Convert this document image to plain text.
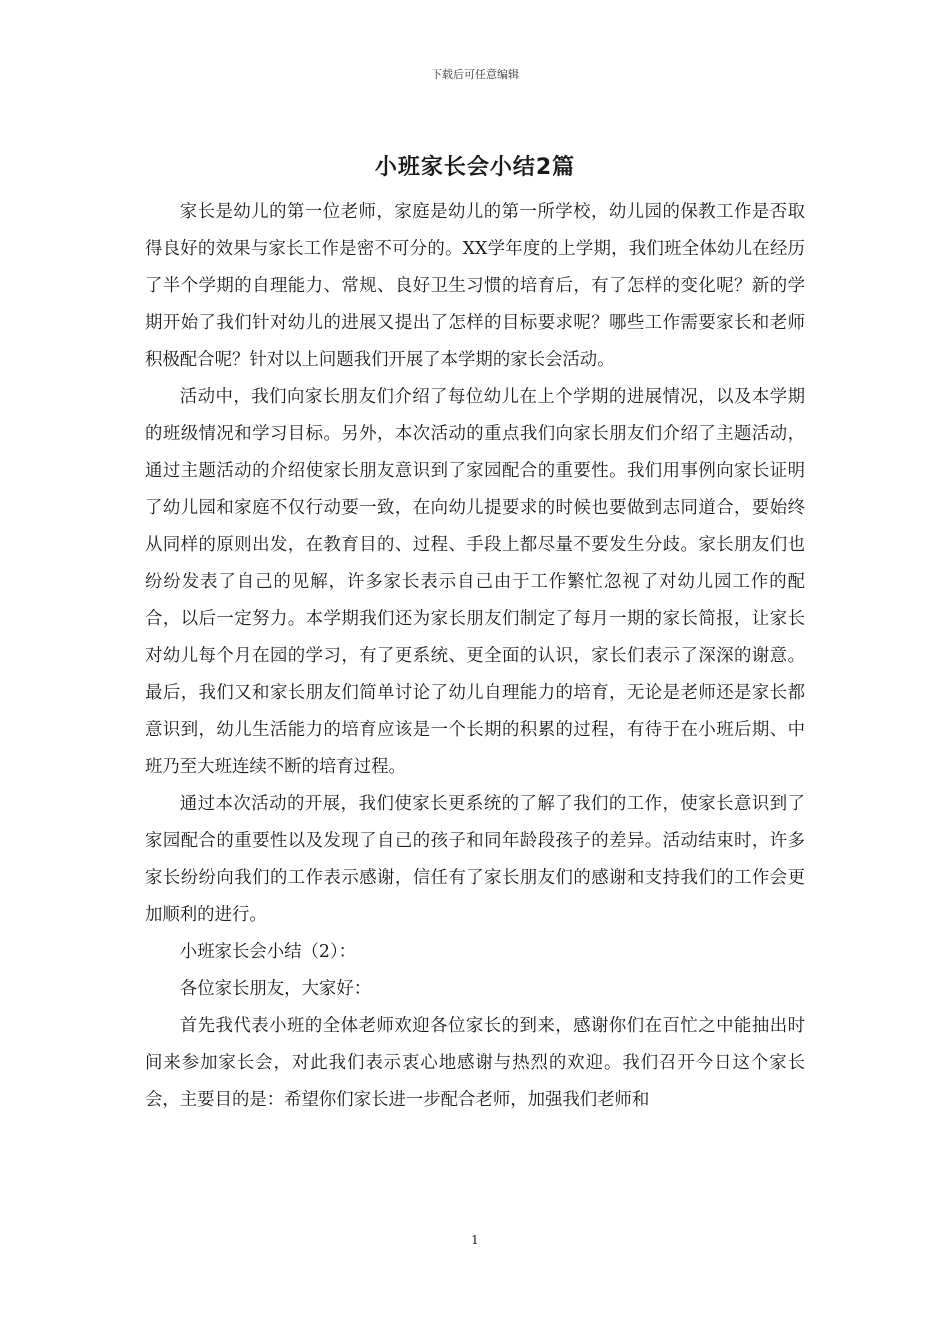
下载后可任意编辑
小班家长会小结2篇

家长是幼儿的第一位老师，家庭是幼儿的第一所学校，幼儿园的保教工作是否取得良好的效果与家长工作是密不可分的。XX学年度的上学期，我们班全体幼儿在经历了半个学期的自理能力、常规、良好卫生习惯的培育后，有了怎样的变化呢？新的学期开始了我们针对幼儿的进展又提出了怎样的目标要求呢？哪些工作需要家长和老师积极配合呢？针对以上问题我们开展了本学期的家长会活动。

活动中，我们向家长朋友们介绍了每位幼儿在上个学期的进展情况，以及本学期的班级情况和学习目标。另外，本次活动的重点我们向家长朋友们介绍了主题活动，通过主题活动的介绍使家长朋友意识到了家园配合的重要性。我们用事例向家长证明了幼儿园和家庭不仅行动要一致，在向幼儿提要求的时候也要做到志同道合，要始终从同样的原则出发，在教育目的、过程、手段上都尽量不要发生分歧。家长朋友们也纷纷发表了自己的见解，许多家长表示自己由于工作繁忙忽视了对幼儿园工作的配合，以后一定努力。本学期我们还为家长朋友们制定了每月一期的家长简报，让家长对幼儿每个月在园的学习，有了更系统、更全面的认识，家长们表示了深深的谢意。最后，我们又和家长朋友们简单讨论了幼儿自理能力的培育，无论是老师还是家长都意识到，幼儿生活能力的培育应该是一个长期的积累的过程，有待于在小班后期、中班乃至大班连续不断的培育过程。

通过本次活动的开展，我们使家长更系统的了解了我们的工作，使家长意识到了家园配合的重要性以及发现了自己的孩子和同年龄段孩子的差异。活动结束时，许多家长纷纷向我们的工作表示感谢，信任有了家长朋友们的感谢和支持我们的工作会更加顺利的进行。

小班家长会小结（2）：

各位家长朋友，大家好：

首先我代表小班的全体老师欢迎各位家长的到来，感谢你们在百忙之中能抽出时间来参加家长会，对此我们表示衷心地感谢与热烈的欢迎。我们召开今日这个家长会，主要目的是：希望你们家长进一步配合老师，加强我们老师和

1
